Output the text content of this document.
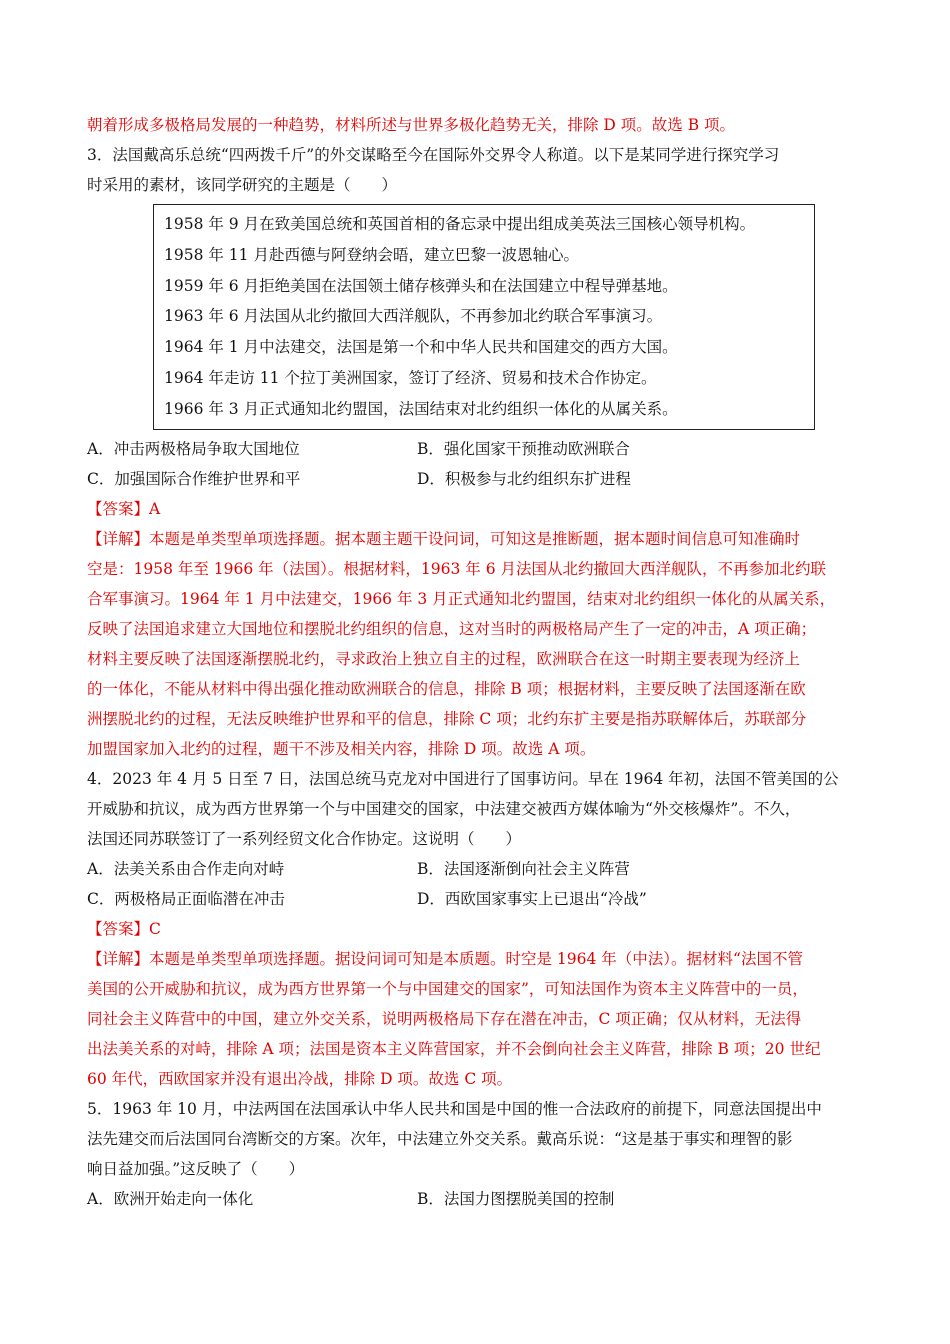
朝着形成多极格局发展的一种趋势，材料所述与世界多极化趋势无关，排除 D 项。故选 B 项。
3．法国戴高乐总统“四两拨千斤”的外交谋略至今在国际外交界令人称道。以下是某同学进行探究学习
时采用的素材，该同学研究的主题是（　　）
1958 年 9 月在致美国总统和英国首相的备忘录中提出组成美英法三国核心领导机构。
1958 年 11 月赴西德与阿登纳会晤，建立巴黎一波恩轴心。
1959 年 6 月拒绝美国在法国领土储存核弹头和在法国建立中程导弹基地。
1963 年 6 月法国从北约撤回大西洋舰队，不再参加北约联合军事演习。
1964 年 1 月中法建交，法国是第一个和中华人民共和国建交的西方大国。
1964 年走访 11 个拉丁美洲国家，签订了经济、贸易和技术合作协定。
1966 年 3 月正式通知北约盟国，法国结束对北约组织一体化的从属关系。
A．冲击两极格局争取大国地位	B．强化国家干预推动欧洲联合
C．加强国际合作维护世界和平	D．积极参与北约组织东扩进程
【答案】A
【详解】本题是单类型单项选择题。据本题主题干设问词，可知这是推断题，据本题时间信息可知准确时
空是：1958 年至 1966 年（法国）。根据材料，1963 年 6 月法国从北约撤回大西洋舰队，不再参加北约联
合军事演习。1964 年 1 月中法建交，1966 年 3 月正式通知北约盟国，结束对北约组织一体化的从属关系，
反映了法国追求建立大国地位和摆脱北约组织的信息，这对当时的两极格局产生了一定的冲击，A 项正确；
材料主要反映了法国逐渐摆脱北约，寻求政治上独立自主的过程，欧洲联合在这一时期主要表现为经济上
的一体化，不能从材料中得出强化推动欧洲联合的信息，排除 B 项；根据材料，主要反映了法国逐渐在欧
洲摆脱北约的过程，无法反映维护世界和平的信息，排除 C 项；北约东扩主要是指苏联解体后，苏联部分
加盟国家加入北约的过程，题干不涉及相关内容，排除 D 项。故选 A 项。
4．2023 年 4 月 5 日至 7 日，法国总统马克龙对中国进行了国事访问。早在 1964 年初，法国不管美国的公
开威胁和抗议，成为西方世界第一个与中国建交的国家，中法建交被西方媒体喻为“外交核爆炸”。不久，
法国还同苏联签订了一系列经贸文化合作协定。这说明（　　）
A．法美关系由合作走向对峙	B．法国逐渐倒向社会主义阵营
C．两极格局正面临潜在冲击	D．西欧国家事实上已退出“冷战”
【答案】C
【详解】本题是单类型单项选择题。据设问词可知是本质题。时空是 1964 年（中法）。据材料“法国不管
美国的公开威胁和抗议，成为西方世界第一个与中国建交的国家”，可知法国作为资本主义阵营中的一员，
同社会主义阵营中的中国，建立外交关系，说明两极格局下存在潜在冲击，C 项正确；仅从材料，无法得
出法美关系的对峙，排除 A 项；法国是资本主义阵营国家，并不会倒向社会主义阵营，排除 B 项；20 世纪
60 年代，西欧国家并没有退出冷战，排除 D 项。故选 C 项。
5．1963 年 10 月，中法两国在法国承认中华人民共和国是中国的惟一合法政府的前提下，同意法国提出中
法先建交而后法国同台湾断交的方案。次年，中法建立外交关系。戴高乐说：“这是基于事实和理智的影
响日益加强。”这反映了（　　）
A．欧洲开始走向一体化	B．法国力图摆脱美国的控制
